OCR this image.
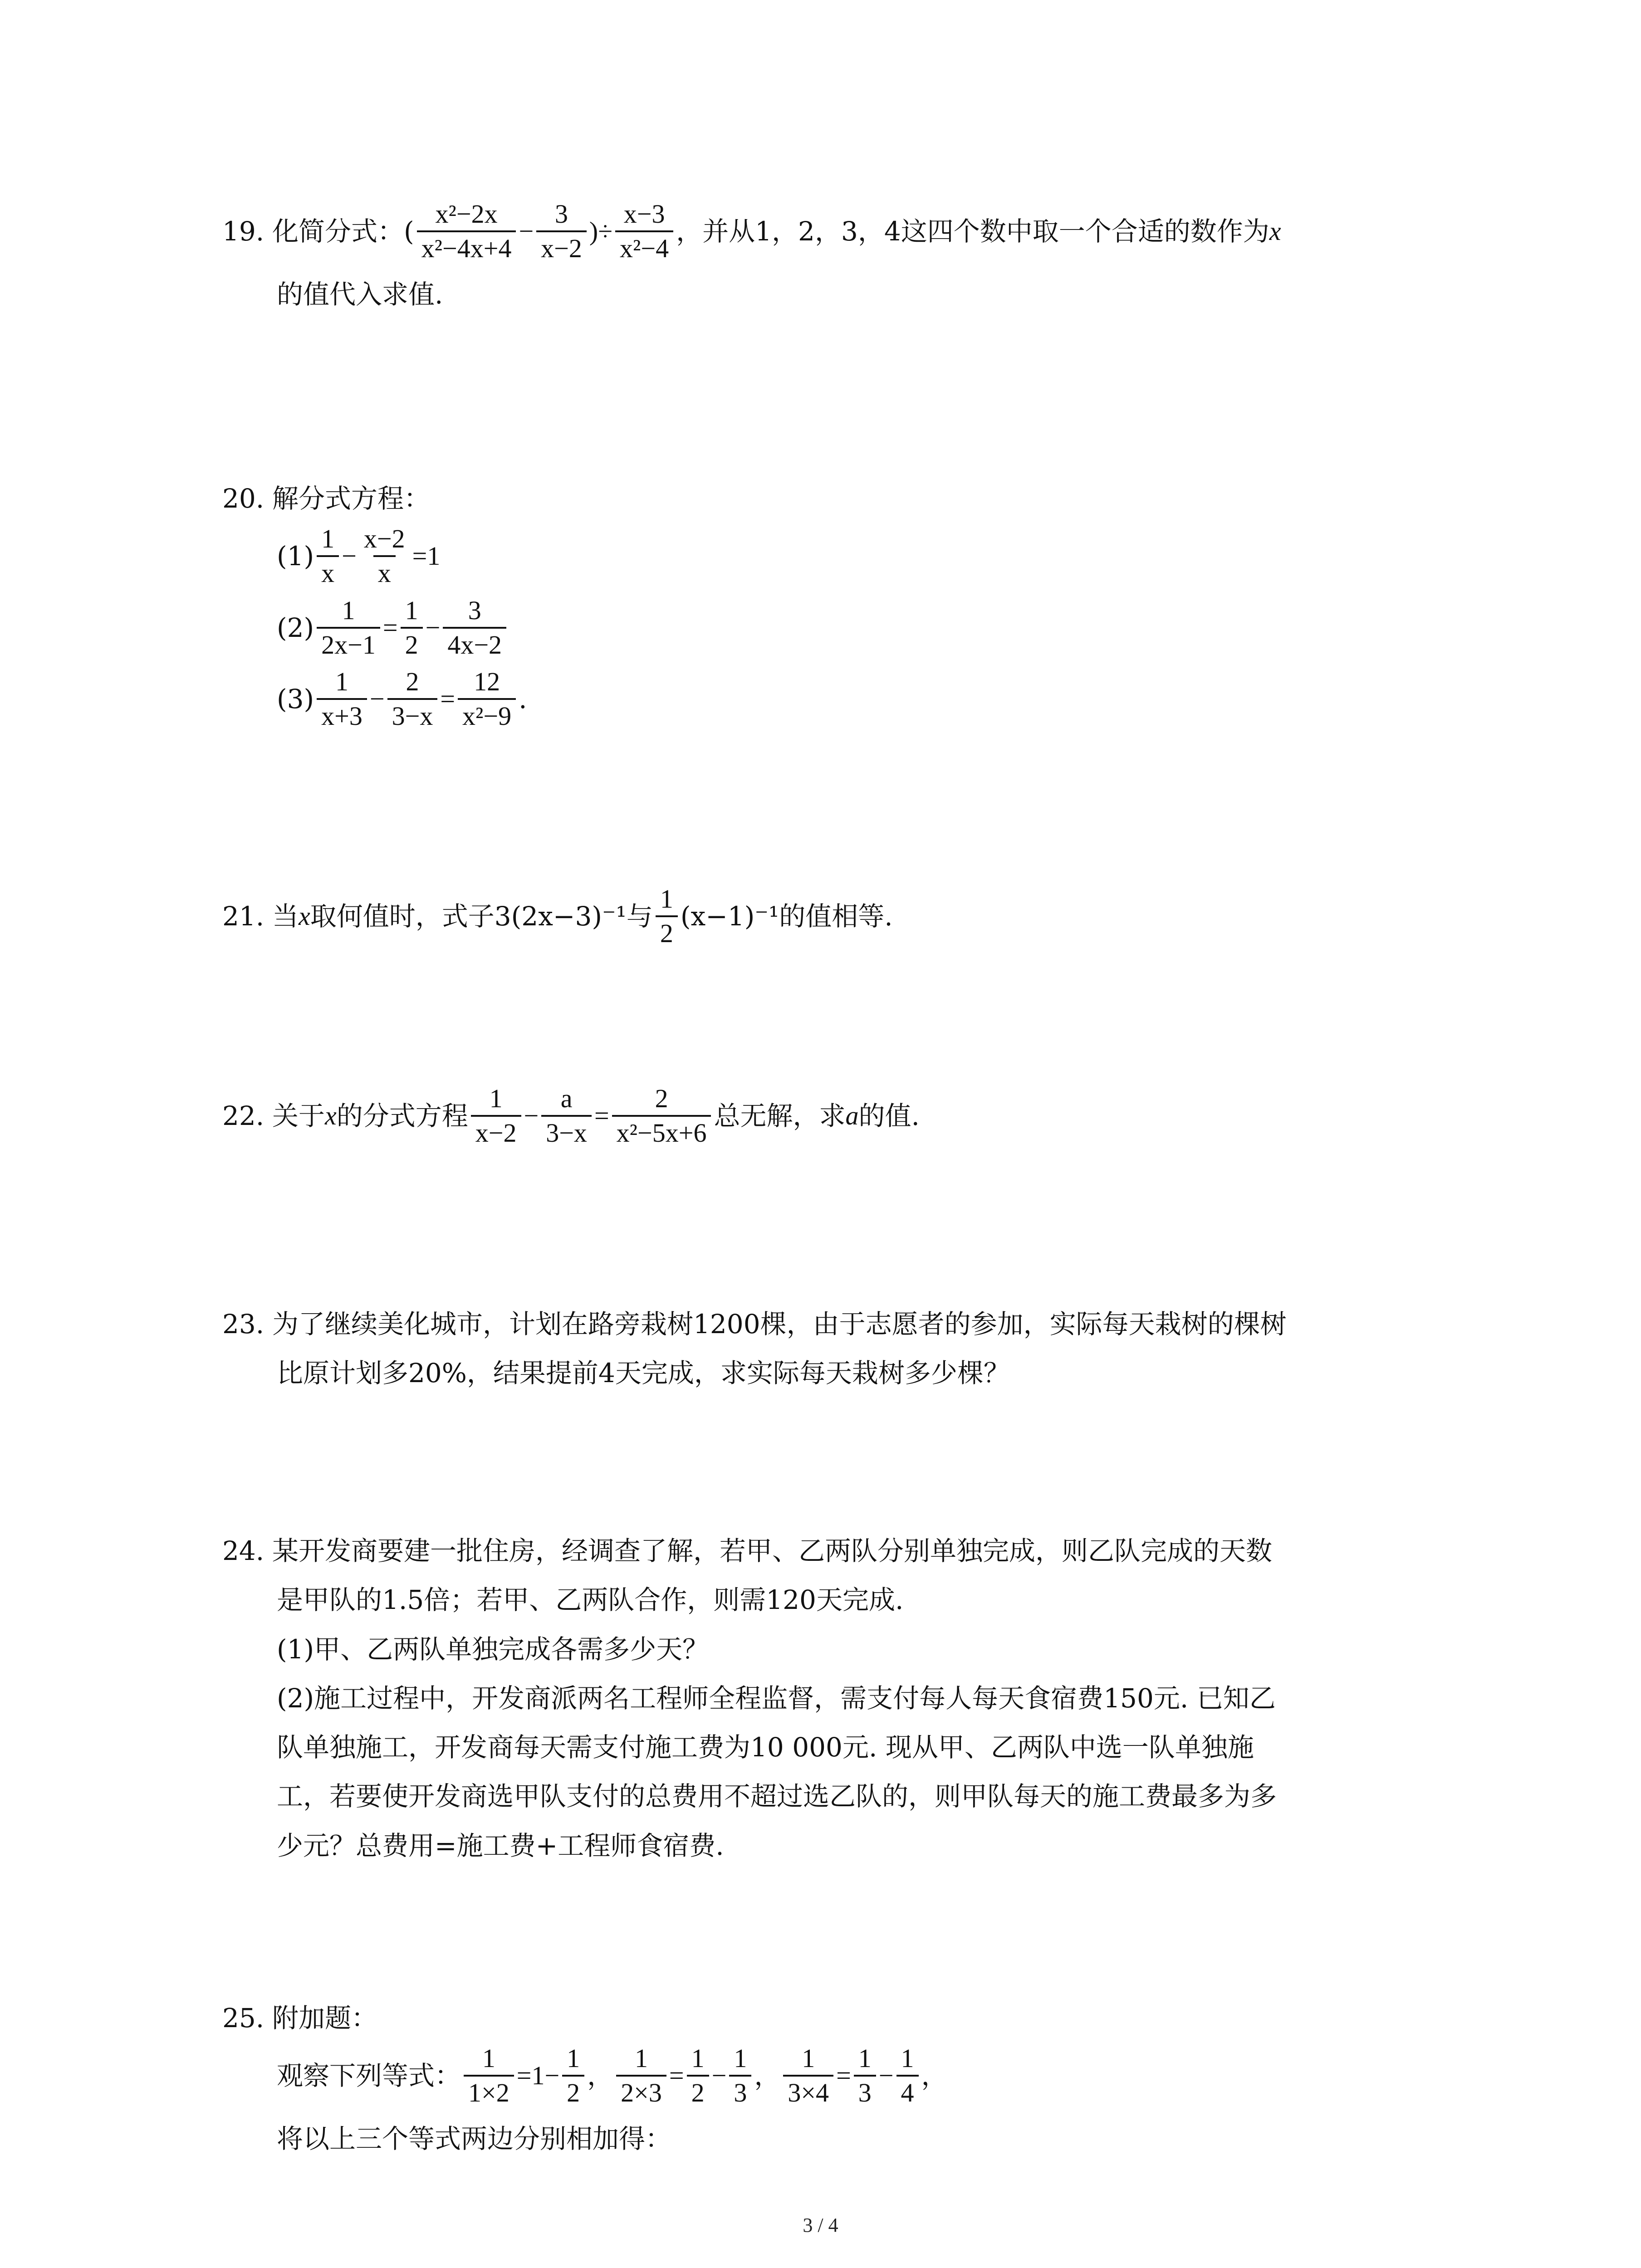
19. 化简分式：( $\frac{\text{x²−2x}}{\text{x²−4x+4}} - \frac{3}{x-2}$ )÷ $\frac{x-3}{\text{x²−4}}$ ，并从1，2，3，4这四个数中取一个合适的数作为 x
的值代入求值.
20. 解分式方程：
$(1) \frac{1}{x} - \frac{x-2}{x} =1$
$(2) \frac{1}{2x-1} = \frac{1}{2} - \frac{3}{4x-2}$
$(3) \frac{1}{x+3} - \frac{2}{3-x} = \frac{12}{\text{x²−9}}$ .
21. 当 x 取何值时，式子3(2x−3)⁻¹与 $\frac{1}{2} (x-1)^{-1}$的值相等.
22. 关于 x 的分式方程 $\frac{1}{x-2} - \frac{a}{3-x} = \frac{2}{\text{x²−5x+6}}$ 总无解，求 a 的值.
23. 为了继续美化城市，计划在路旁栽树1200棵，由于志愿者的参加，实际每天栽树的棵树
比原计划多20%，结果提前4天完成，求实际每天栽树多少棵？
24. 某开发商要建一批住房，经调查了解，若甲、乙两队分别单独完成，则乙队完成的天数
是甲队的1.5倍；若甲、乙两队合作，则需120天完成.
(1)甲、乙两队单独完成各需多少天？
(2)施工过程中，开发商派两名工程师全程监督，需支付每人每天食宿费150元. 已知乙
队单独施工，开发商每天需支付施工费为10 000元. 现从甲、乙两队中选一队单独施
工，若要使开发商选甲队支付的总费用不超过选乙队的，则甲队每天的施工费最多为多
少元？总费用=施工费+工程师食宿费.
25. 附加题：
观察下列等式： $\frac{1}{1\times 2} =1- \frac{1}{2}$ ， $\frac{1}{2\times 3} = \frac{1}{2} - \frac{1}{3}$ ， $\frac{1}{3\times 4} = \frac{1}{3} - \frac{1}{4}$ ，
将以上三个等式两边分别相加得：
3 / 4
